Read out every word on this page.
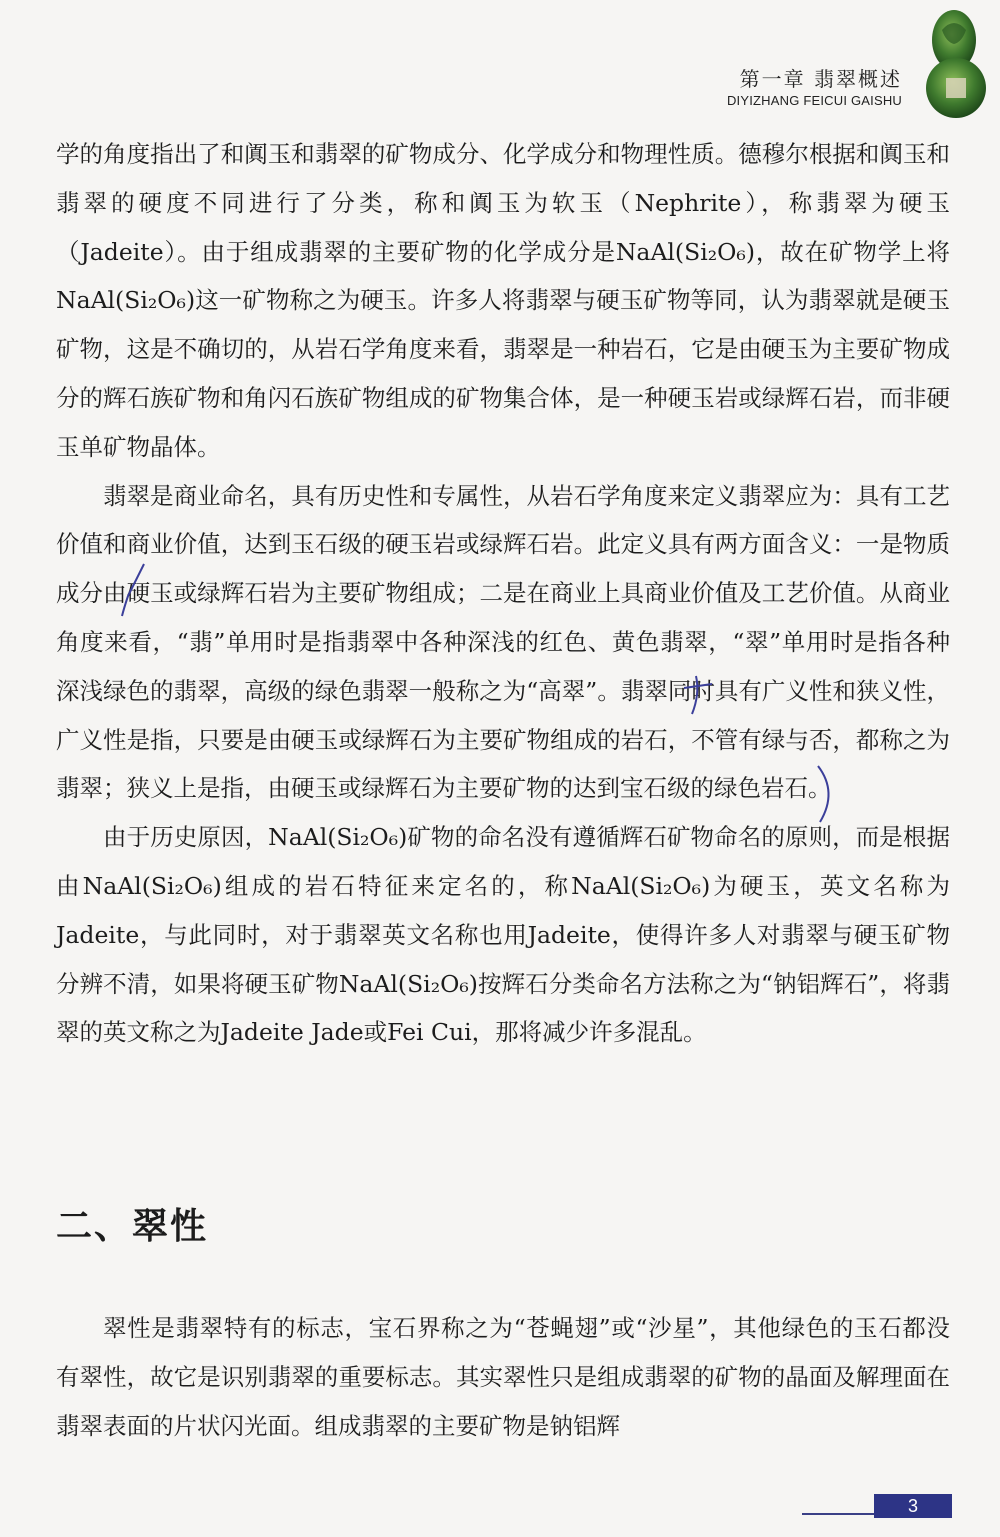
第一章 翡翠概述
DIYIZHANG FEICUI GAISHU

学的角度指出了和阗玉和翡翠的矿物成分、化学成分和物理性质。德穆尔根据和阗玉和翡翠的硬度不同进行了分类，称和阗玉为软玉（Nephrite），称翡翠为硬玉（Jadeite）。由于组成翡翠的主要矿物的化学成分是NaAl(Si₂O₆)，故在矿物学上将NaAl(Si₂O₆)这一矿物称之为硬玉。许多人将翡翠与硬玉矿物等同，认为翡翠就是硬玉矿物，这是不确切的，从岩石学角度来看，翡翠是一种岩石，它是由硬玉为主要矿物成分的辉石族矿物和角闪石族矿物组成的矿物集合体，是一种硬玉岩或绿辉石岩，而非硬玉单矿物晶体。

翡翠是商业命名，具有历史性和专属性，从岩石学角度来定义翡翠应为：具有工艺价值和商业价值，达到玉石级的硬玉岩或绿辉石岩。此定义具有两方面含义：一是物质成分由硬玉或绿辉石岩为主要矿物组成；二是在商业上具商业价值及工艺价值。从商业角度来看，“翡”单用时是指翡翠中各种深浅的红色、黄色翡翠，“翠”单用时是指各种深浅绿色的翡翠，高级的绿色翡翠一般称之为“高翠”。翡翠同时具有广义性和狭义性，广义性是指，只要是由硬玉或绿辉石为主要矿物组成的岩石，不管有绿与否，都称之为翡翠；狭义上是指，由硬玉或绿辉石为主要矿物的达到宝石级的绿色岩石。

由于历史原因，NaAl(Si₂O₆)矿物的命名没有遵循辉石矿物命名的原则，而是根据由NaAl(Si₂O₆)组成的岩石特征来定名的，称NaAl(Si₂O₆)为硬玉，英文名称为Jadeite，与此同时，对于翡翠英文名称也用Jadeite，使得许多人对翡翠与硬玉矿物分辨不清，如果将硬玉矿物NaAl(Si₂O₆)按辉石分类命名方法称之为“钠铝辉石”，将翡翠的英文称之为Jadeite Jade或Fei Cui，那将减少许多混乱。

二、翠性

翠性是翡翠特有的标志，宝石界称之为“苍蝇翅”或“沙星”，其他绿色的玉石都没有翠性，故它是识别翡翠的重要标志。其实翠性只是组成翡翠的矿物的晶面及解理面在翡翠表面的片状闪光面。组成翡翠的主要矿物是钠铝辉

3
